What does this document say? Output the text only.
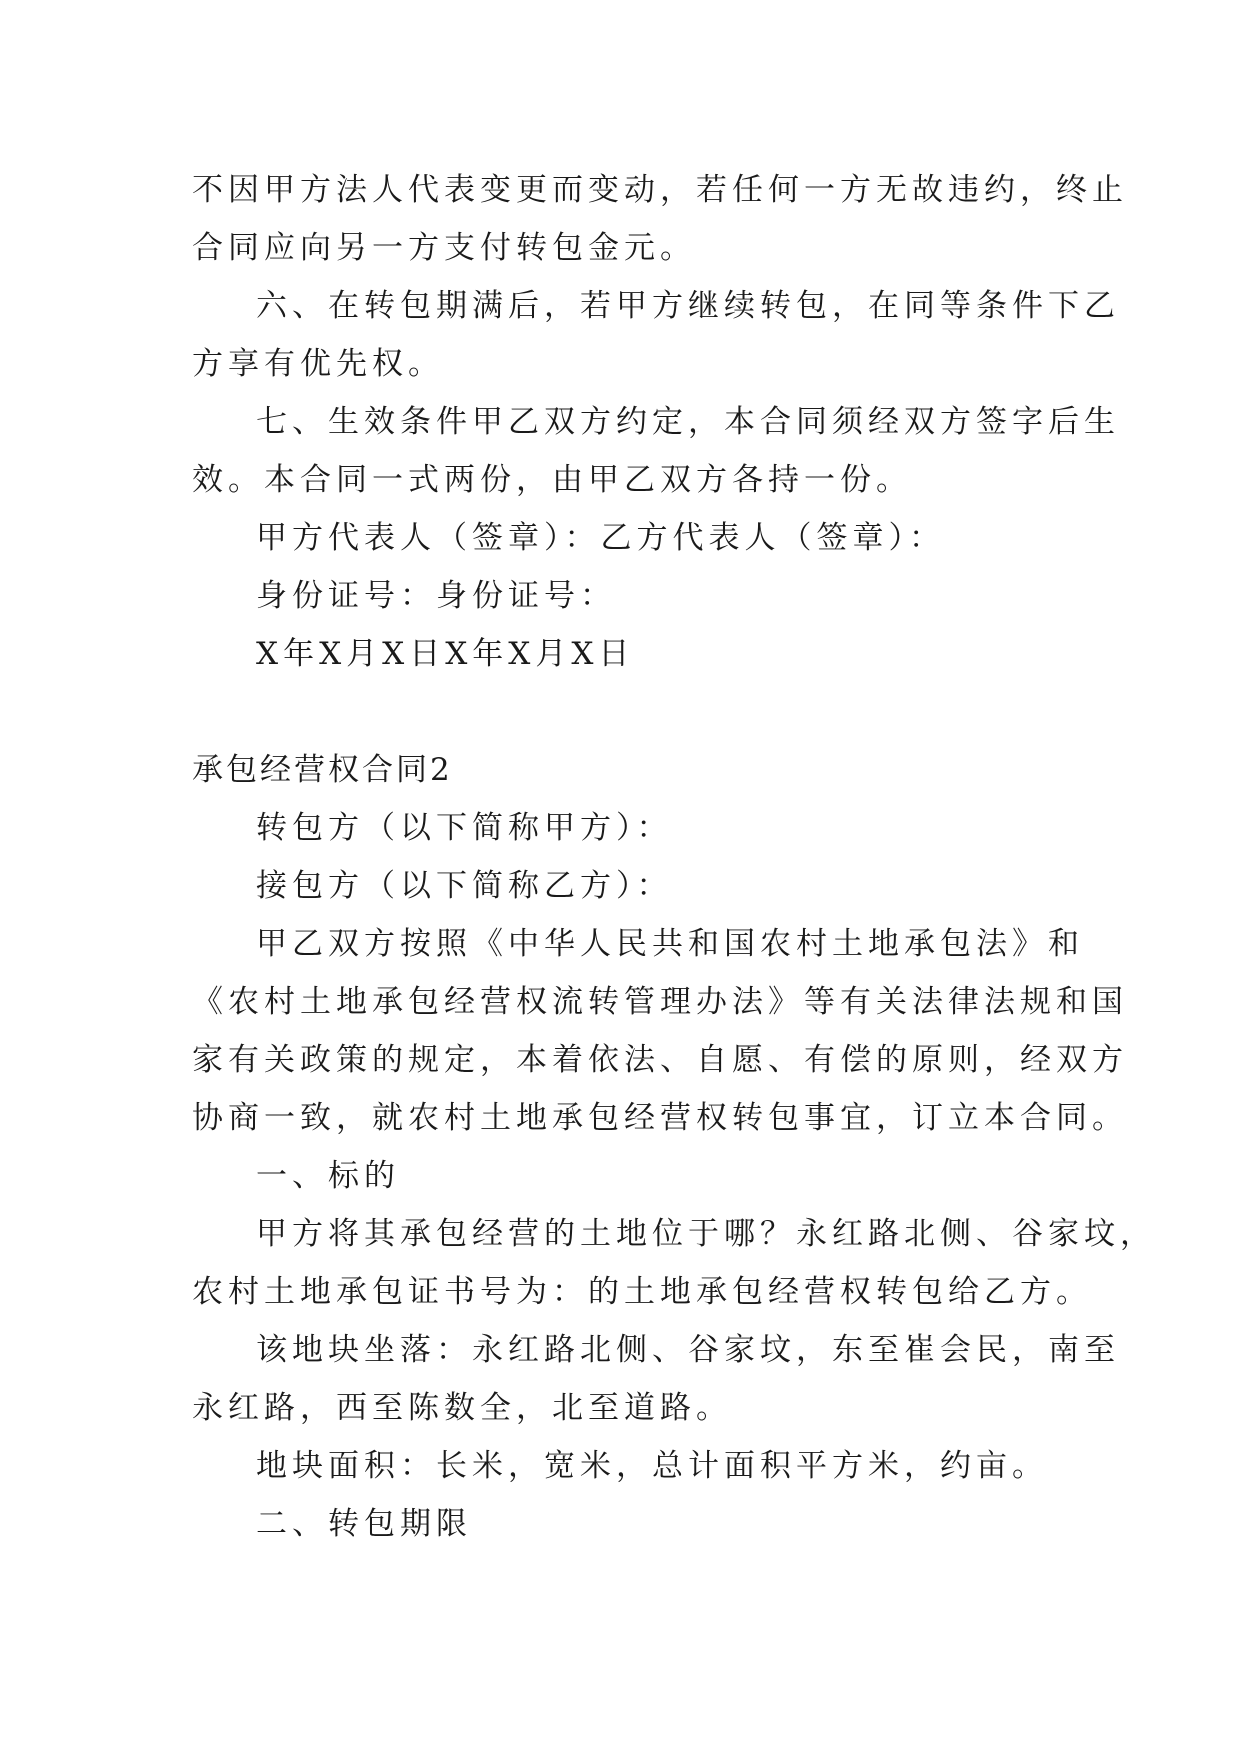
不因甲方法人代表变更而变动，若任何一方无故违约，终止
合同应向另一方支付转包金元。
六、在转包期满后，若甲方继续转包，在同等条件下乙
方享有优先权。
七、生效条件甲乙双方约定，本合同须经双方签字后生
效。本合同一式两份，由甲乙双方各持一份。
甲方代表人（签章）：乙方代表人（签章）：
身份证号：身份证号：
X年X月X日X年X月X日
承包经营权合同2
转包方（以下简称甲方）：
接包方（以下简称乙方）：
甲乙双方按照《中华人民共和国农村土地承包法》和
《农村土地承包经营权流转管理办法》等有关法律法规和国
家有关政策的规定，本着依法、自愿、有偿的原则，经双方
协商一致，就农村土地承包经营权转包事宜，订立本合同。
一、标的
甲方将其承包经营的土地位于哪？永红路北侧、谷家坟，
农村土地承包证书号为：的土地承包经营权转包给乙方。
该地块坐落：永红路北侧、谷家坟，东至崔会民，南至
永红路，西至陈数全，北至道路。
地块面积：长米，宽米，总计面积平方米，约亩。
二、转包期限
